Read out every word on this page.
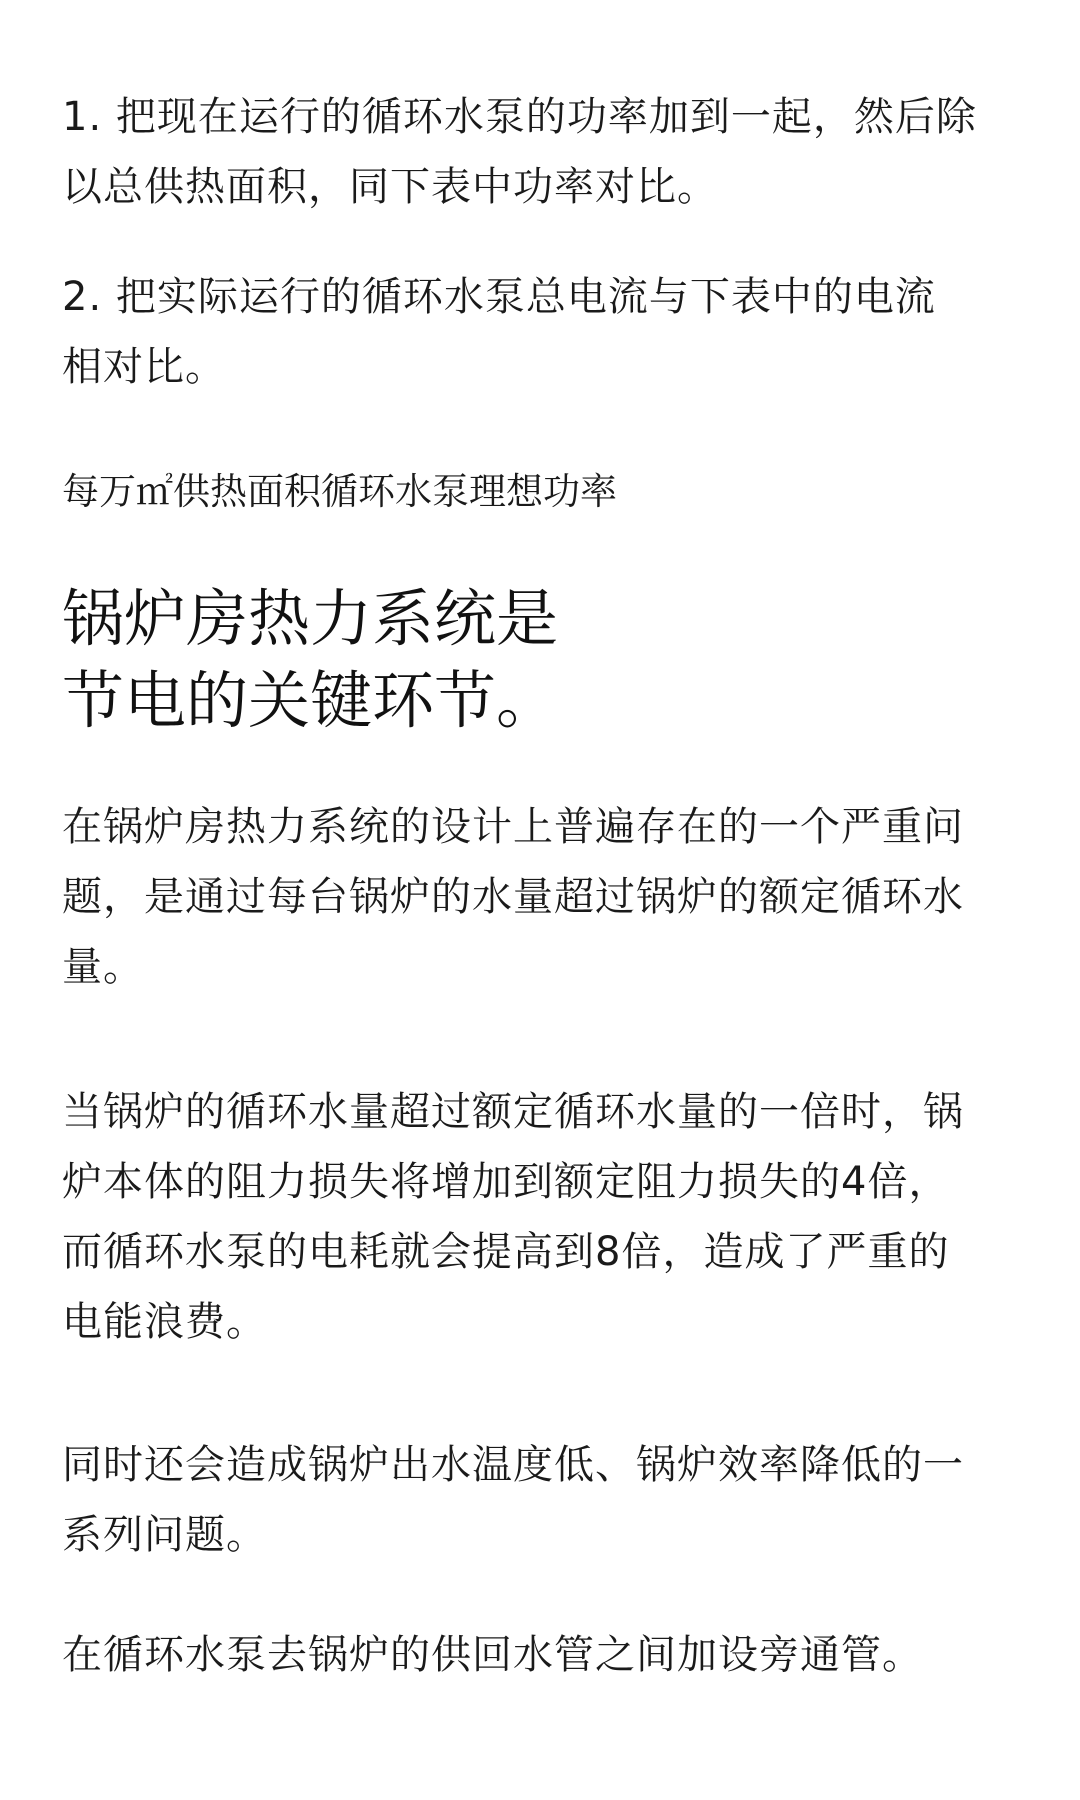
1. 把现在运行的循环水泵的功率加到一起，然后除
以总供热面积，同下表中功率对比。

2. 把实际运行的循环水泵总电流与下表中的电流
相对比。

每万㎡供热面积循环水泵理想功率

锅炉房热力系统是
节电的关键环节。

在锅炉房热力系统的设计上普遍存在的一个严重问
题，是通过每台锅炉的水量超过锅炉的额定循环水
量。

当锅炉的循环水量超过额定循环水量的一倍时，锅
炉本体的阻力损失将增加到额定阻力损失的4倍，
而循环水泵的电耗就会提高到8倍，造成了严重的
电能浪费。

同时还会造成锅炉出水温度低、锅炉效率降低的一
系列问题。

在循环水泵去锅炉的供回水管之间加设旁通管。
